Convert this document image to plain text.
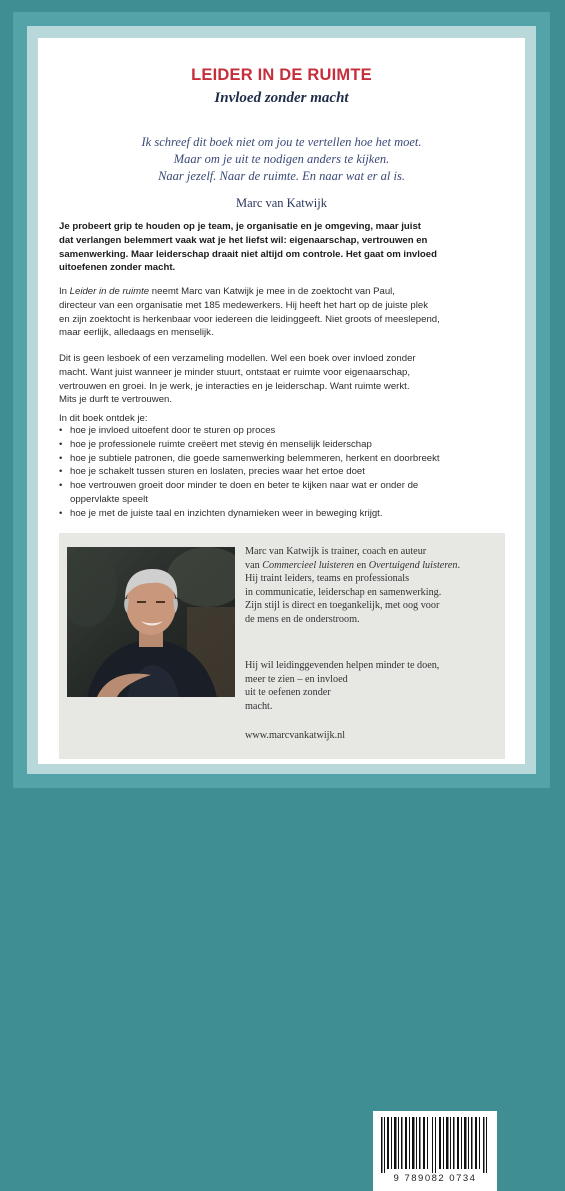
LEIDER IN DE RUIMTE
Invloed zonder macht
Ik schreef dit boek niet om jou te vertellen hoe het moet.
Maar om je uit te nodigen anders te kijken.
Naar jezelf. Naar de ruimte. En naar wat er al is.
Marc van Katwijk
Je probeert grip te houden op je team, je organisatie en je omgeving, maar juist
dat verlangen belemmert vaak wat je het liefst wil: eigenaarschap, vertrouwen en
samenwerking. Maar leiderschap draait niet altijd om controle. Het gaat om invloed
uitoefenen zonder macht.
In Leider in de ruimte neemt Marc van Katwijk je mee in de zoektocht van Paul,
directeur van een organisatie met 185 medewerkers. Hij heeft het hart op de juiste plek
en zijn zoektocht is herkenbaar voor iedereen die leidinggeeft. Niet groots of meeslepend,
maar eerlijk, alledaags en menselijk.
Dit is geen lesboek of een verzameling modellen. Wel een boek over invloed zonder
macht. Want juist wanneer je minder stuurt, ontstaat er ruimte voor eigenaarschap,
vertrouwen en groei. In je werk, je interacties en je leiderschap. Want ruimte werkt.
Mits je durft te vertrouwen.
In dit boek ontdek je:
• hoe je invloed uitoefent door te sturen op proces
• hoe je professionele ruimte creëert met stevig én menselijk leiderschap
• hoe je subtiele patronen, die goede samenwerking belemmeren, herkent en doorbreekt
• hoe je schakelt tussen sturen en loslaten, precies waar het ertoe doet
• hoe vertrouwen groeit door minder te doen en beter te kijken naar wat er onder de
oppervlakte speelt
• hoe je met de juiste taal en inzichten dynamieken weer in beweging krijgt.
Marc van Katwijk is trainer, coach en auteur
van Commercieel luisteren en Overtuigend luisteren.
Hij traint leiders, teams en professionals
in communicatie, leiderschap en samenwerking.
Zijn stijl is direct en toegankelijk, met oog voor
de mens en de onderstroom.
Hij wil leidinggevenden helpen minder te doen,
meer te zien – en invloed
uit te oefenen zonder
macht.
www.marcvankatwijk.nl
9 789082 0734
